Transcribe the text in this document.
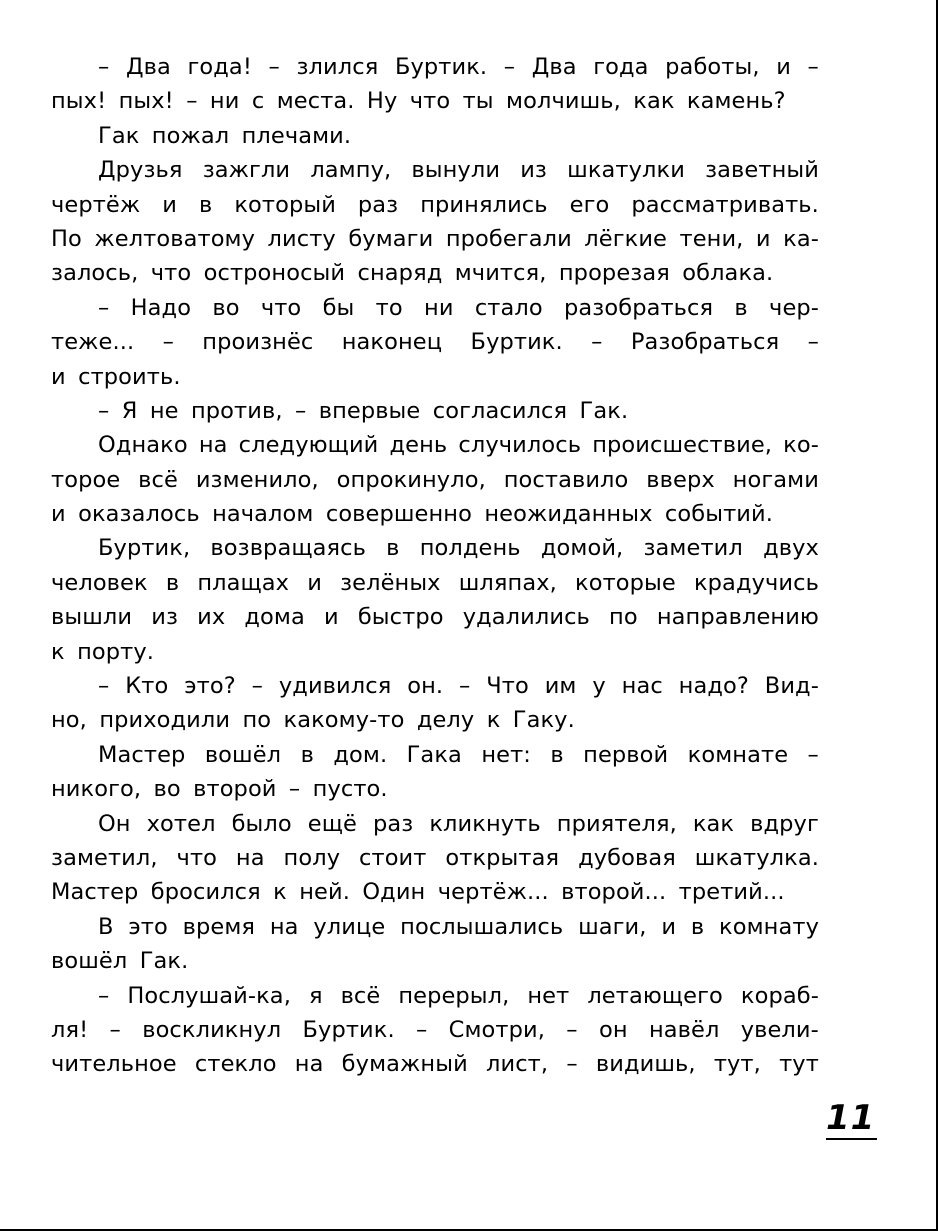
– Два года! – злился Буртик. – Два года работы, и –
пых! пых! – ни с места. Ну что ты молчишь, как камень?
Гак пожал плечами.
Друзья зажгли лампу, вынули из шкатулки заветный
чертёж и в который раз принялись его рассматривать.
По желтоватому листу бумаги пробегали лёгкие тени, и ка-
залось, что остроносый снаряд мчится, прорезая облака.
– Надо во что бы то ни стало разобраться в чер-
теже... – произнёс наконец Буртик. – Разобраться –
и строить.
– Я не против, – впервые согласился Гак.
Однако на следующий день случилось происшествие, ко-
торое всё изменило, опрокинуло, поставило вверх ногами
и оказалось началом совершенно неожиданных событий.
Буртик, возвращаясь в полдень домой, заметил двух
человек в плащах и зелёных шляпах, которые крадучись
вышли из их дома и быстро удалились по направлению
к порту.
– Кто это? – удивился он. – Что им у нас надо? Вид-
но, приходили по какому-то делу к Гаку.
Мастер вошёл в дом. Гака нет: в первой комнате –
никого, во второй – пусто.
Он хотел было ещё раз кликнуть приятеля, как вдруг
заметил, что на полу стоит открытая дубовая шкатулка.
Мастер бросился к ней. Один чертёж... второй... третий...
В это время на улице послышались шаги, и в комнату
вошёл Гак.
– Послушай-ка, я всё перерыл, нет летающего кораб-
ля! – воскликнул Буртик. – Смотри, – он навёл увели-
чительное стекло на бумажный лист, – видишь, тут, тут
11
